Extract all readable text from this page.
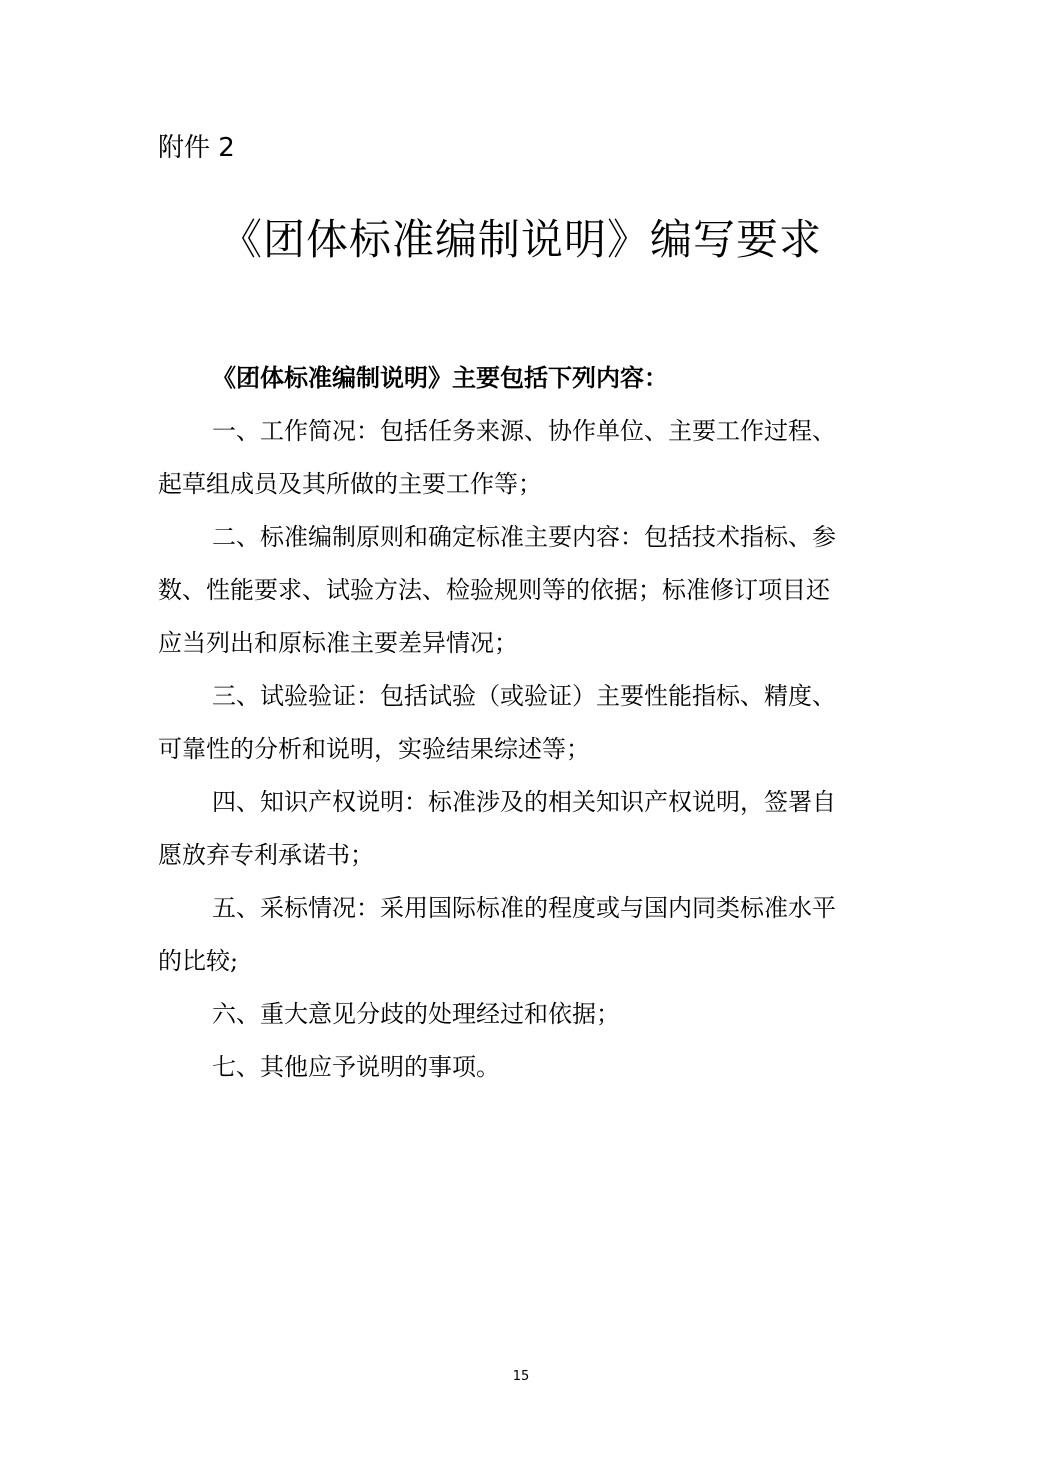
附件 2
《团体标准编制说明》编写要求

《团体标准编制说明》主要包括下列内容：

一、工作简况：包括任务来源、协作单位、主要工作过程、
起草组成员及其所做的主要工作等；

二、标准编制原则和确定标准主要内容：包括技术指标、参
数、性能要求、试验方法、检验规则等的依据；标准修订项目还
应当列出和原标准主要差异情况；

三、试验验证：包括试验（或验证）主要性能指标、精度、
可靠性的分析和说明，实验结果综述等；

四、知识产权说明：标准涉及的相关知识产权说明，签署自
愿放弃专利承诺书；

五、采标情况：采用国际标准的程度或与国内同类标准水平
的比较;

六、重大意见分歧的处理经过和依据；

七、其他应予说明的事项。

15
